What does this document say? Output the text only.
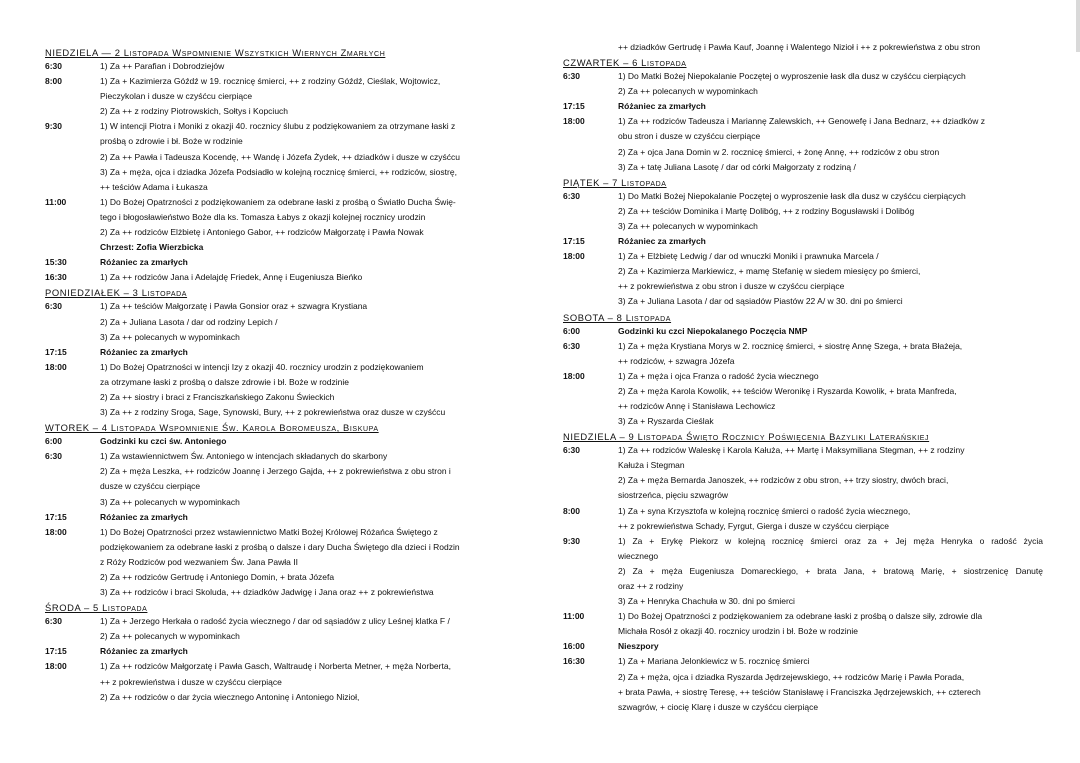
NIEDZIELA — 2 Listopada Wspomnienie Wszystkich Wiernych Zmarłych
6:30	1) Za ++ Parafian i Dobrodziejów
8:00	1) Za + Kazimierza Góźdź w 19. rocznicę śmierci, ++ z rodziny Góźdź, Cieślak, Wojtowicz,
Pieczykolan i dusze w czyśćcu cierpiące
2) Za ++ z rodziny Piotrowskich, Sołtys i Kopciuch
9:30	1) W intencji Piotra i Moniki z okazji 40. rocznicy ślubu z podziękowaniem za otrzymane łaski z
prośbą o zdrowie i bł. Boże w rodzinie
2) Za ++ Pawła i Tadeusza Kocendę, ++ Wandę i Józefa Żydek, ++ dziadków i dusze w czyśćcu
3) Za + męża, ojca i dziadka Józefa Podsiadło w kolejną rocznicę śmierci, ++ rodziców, siostrę,
++ teściów Adama i Łukasza
11:00	1) Do Bożej Opatrzności z podziękowaniem za odebrane łaski z prośbą o Światło Ducha Świę-
tego i błogosławieństwo Boże dla ks. Tomasza Łabys z okazji kolejnej rocznicy urodzin
2) Za ++ rodziców Elżbietę i Antoniego Gabor, ++ rodziców Małgorzatę i Pawła Nowak
Chrzest: Zofia Wierzbicka
15:30	Różaniec za zmarłych
16:30	1) Za ++ rodziców Jana i Adelajdę Friedek, Annę i Eugeniusza Bieńko
PONIEDZIAŁEK – 3 Listopada
6:30	1) Za ++ teściów Małgorzatę i Pawła Gonsior oraz + szwagra Krystiana
2) Za + Juliana Lasota / dar od rodziny Lepich /
3) Za ++ polecanych w wypominkach
17:15	Różaniec za zmarłych
18:00	1) Do Bożej Opatrzności w intencji Izy z okazji 40. rocznicy urodzin z podziękowaniem
za otrzymane łaski z prośbą o dalsze zdrowie i bł. Boże w rodzinie
2) Za ++ siostry i braci z Franciszkańskiego Zakonu Świeckich
3) Za ++ z rodziny Sroga, Sage, Synowski, Bury, ++ z pokrewieństwa oraz dusze w czyśćcu
WTOREK – 4 Listopada Wspomnienie Św. Karola Boromeusza, Biskupa
6:00	Godzinki ku czci św. Antoniego
6:30	1) Za wstawiennictwem Św. Antoniego w intencjach składanych do skarbony
2) Za + męża Leszka, ++ rodziców Joannę i Jerzego Gajda, ++ z pokrewieństwa z obu stron i
dusze w czyśćcu cierpiące
3) Za ++ polecanych w wypominkach
17:15	Różaniec za zmarłych
18:00	1) Do Bożej Opatrzności przez wstawiennictwo Matki Bożej Królowej Różańca Świętego z
podziękowaniem za odebrane łaski z prośbą o dalsze i dary Ducha Świętego dla dzieci i Rodzin
z Róży Rodziców pod wezwaniem Św. Jana Pawła II
2) Za ++ rodziców Gertrudę i Antoniego Domin, + brata Józefa
3) Za ++ rodziców i braci Skoluda, ++ dziadków Jadwigę i Jana oraz ++ z pokrewieństwa
ŚRODA – 5 Listopada
6:30	1) Za + Jerzego Herkała o radość życia wiecznego / dar od sąsiadów z ulicy Leśnej klatka F /
2) Za ++ polecanych w wypominkach
17:15	Różaniec za zmarłych
18:00	1) Za ++ rodziców Małgorzatę i Pawła Gasch, Waltraudę i Norberta Metner, + męża Norberta,
++ z pokrewieństwa i dusze w czyśćcu cierpiące
2) Za ++ rodziców o dar życia wiecznego Antoninę i Antoniego Nizioł,
++ dziadków Gertrudę i Pawła Kauf, Joannę i Walentego Nizioł i ++ z pokrewieństwa z obu stron
CZWARTEK – 6 Listopada
6:30	1) Do Matki Bożej Niepokalanie Poczętej o wyproszenie łask dla dusz w czyśćcu cierpiących
2) Za ++ polecanych w wypominkach
17:15	Różaniec za zmarłych
18:00	1) Za ++ rodziców Tadeusza i Mariannę Zalewskich, ++ Genowefę i Jana Bednarz, ++ dziadków z
obu stron i dusze w czyśćcu cierpiące
2) Za + ojca Jana Domin w 2. rocznicę śmierci, + żonę Annę, ++ rodziców z obu stron
3) Za + tatę Juliana Lasotę / dar od córki Małgorzaty z rodziną /
PIĄTEK – 7 Listopada
6:30	1) Do Matki Bożej Niepokalanie Poczętej o wyproszenie łask dla dusz w czyśćcu cierpiących
2) Za ++ teściów Dominika i Martę Dolibóg, ++ z rodziny Bogusławski i Dolibóg
3) Za ++ polecanych w wypominkach
17:15	Różaniec za zmarłych
18:00	1) Za + Elżbietę Ledwig / dar od wnuczki Moniki i prawnuka Marcela /
2) Za + Kazimierza Markiewicz, + mamę Stefanię w siedem miesięcy po śmierci,
++ z pokrewieństwa z obu stron i dusze w czyśćcu cierpiące
3) Za + Juliana Lasota / dar od sąsiadów Piastów 22 A/ w 30. dni po śmierci
SOBOTA – 8 Listopada
6:00	Godzinki ku czci Niepokalanego Poczęcia NMP
6:30	1) Za + męża Krystiana Morys w 2. rocznicę śmierci, + siostrę Annę Szega, + brata Błażeja,
++ rodziców, + szwagra Józefa
18:00	1) Za + męża i ojca Franza o radość życia wiecznego
2) Za + męża Karola Kowolik, ++ teściów Weronikę i Ryszarda Kowolik, + brata Manfreda,
++ rodziców Annę i Stanisława Lechowicz
3) Za + Ryszarda Cieślak
NIEDZIELA – 9 Listopada Święto Rocznicy Poświęcenia Bazyliki Laterańskiej
6:30	1) Za ++ rodziców Waleskę i Karola Kałuża, ++ Martę i Maksymiliana Stegman, ++ z rodziny
Kałuża i Stegman
2) Za + męża Bernarda Janoszek, ++ rodziców z obu stron, ++ trzy siostry, dwóch braci,
siostrzeńca, pięciu szwagrów
8:00	1) Za + syna Krzysztofa w kolejną rocznicę śmierci o radość życia wiecznego,
++ z pokrewieństwa Schady, Fyrgut, Gierga i dusze w czyśćcu cierpiące
9:30	1) Za + Erykę Piekorz w kolejną rocznicę śmierci oraz za + Jej męża Henryka o radość życia
wiecznego
2) Za + męża Eugeniusza Domareckiego, + brata Jana, + bratową Marię, + siostrzenicę Danutę
oraz ++ z rodziny
3) Za + Henryka Chachuła w 30. dni po śmierci
11:00	1) Do Bożej Opatrzności z podziękowaniem za odebrane łaski z prośbą o dalsze siły, zdrowie dla
Michała Rosół z okazji 40. rocznicy urodzin i bł. Boże w rodzinie
16:00	Nieszpory
16:30	1) Za + Mariana Jelonkiewicz w 5. rocznicę śmierci
2) Za + męża, ojca i dziadka Ryszarda Jędrzejewskiego, ++ rodziców Marię i Pawła Porada,
+ brata Pawła, + siostrę Teresę, ++ teściów Stanisławę i Franciszka Jędrzejewskich, ++ czterech
szwagrów, + ciocię Klarę i dusze w czyśćcu cierpiące
